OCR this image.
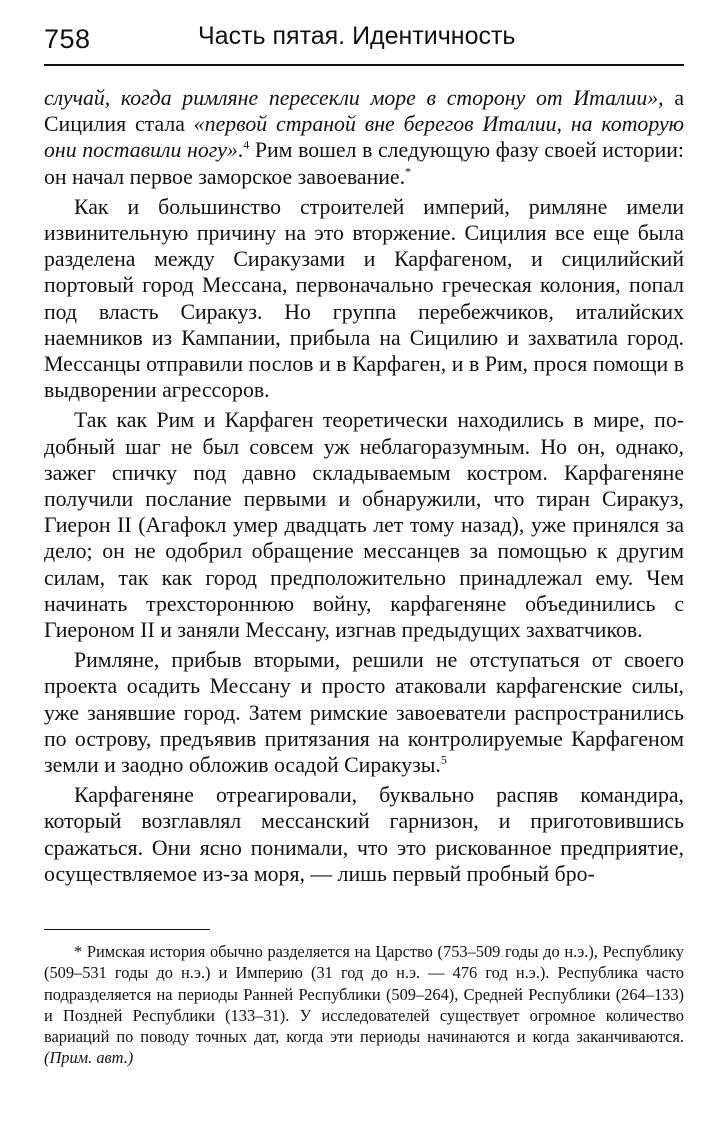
758	Часть пятая. Идентичность

случай, когда римляне пересекли море в сторону от Италии», а Сицилия стала «первой страной вне берегов Италии, на которую они поставили ногу».$^4$ Рим вошел в следующую фазу своей истории: он начал первое заморское завоевание.*

Как и большинство строителей империй, римляне имели извинительную причину на это вторжение. Сицилия все еще была разделена между Сиракузами и Карфагеном, и сицилийский портовый город Мессана, первоначально греческая колония, попал под власть Сиракуз. Но группа перебежчиков, италийских наемников из Кампании, прибыла на Сицилию и захватила город. Мессанцы отправили послов и в Карфаген, и в Рим, прося помощи в выдворении агрессоров.

Так как Рим и Карфаген теоретически находились в мире, подобный шаг не был совсем уж неблагоразумным. Но он, однако, зажег спичку под давно складываемым костром. Карфагеняне получили послание первыми и обнаружили, что тиран Сиракуз, Гиерон II (Агафокл умер двадцать лет тому назад), уже принялся за дело; он не одобрил обращение мессанцев за помощью к другим силам, так как город предположительно принадлежал ему. Чем начинать трехстороннюю войну, карфагеняне объединились с Гиероном II и заняли Мессану, изгнав предыдущих захватчиков.

Римляне, прибыв вторыми, решили не отступаться от своего проекта осадить Мессану и просто атаковали карфагенские силы, уже занявшие город. Затем римские завоеватели распространились по острову, предъявив притязания на контролируемые Карфагеном земли и заодно обложив осадой Сиракузы.$^5$

Карфагеняне отреагировали, буквально распяв командира, который возглавлял мессанский гарнизон, и приготовившись сражаться. Они ясно понимали, что это рискованное предприятие, осуществляемое из-за моря, — лишь первый пробный бро-

* Римская история обычно разделяется на Царство (753–509 годы до н.э.), Республику (509–531 годы до н.э.) и Империю (31 год до н.э. — 476 год н.э.). Республика часто подразделяется на периоды Ранней Республики (509–264), Средней Республики (264–133) и Поздней Республики (133–31). У исследователей существует огромное количество вариаций по поводу точных дат, когда эти периоды начинаются и когда заканчиваются. (Прим. авт.)
